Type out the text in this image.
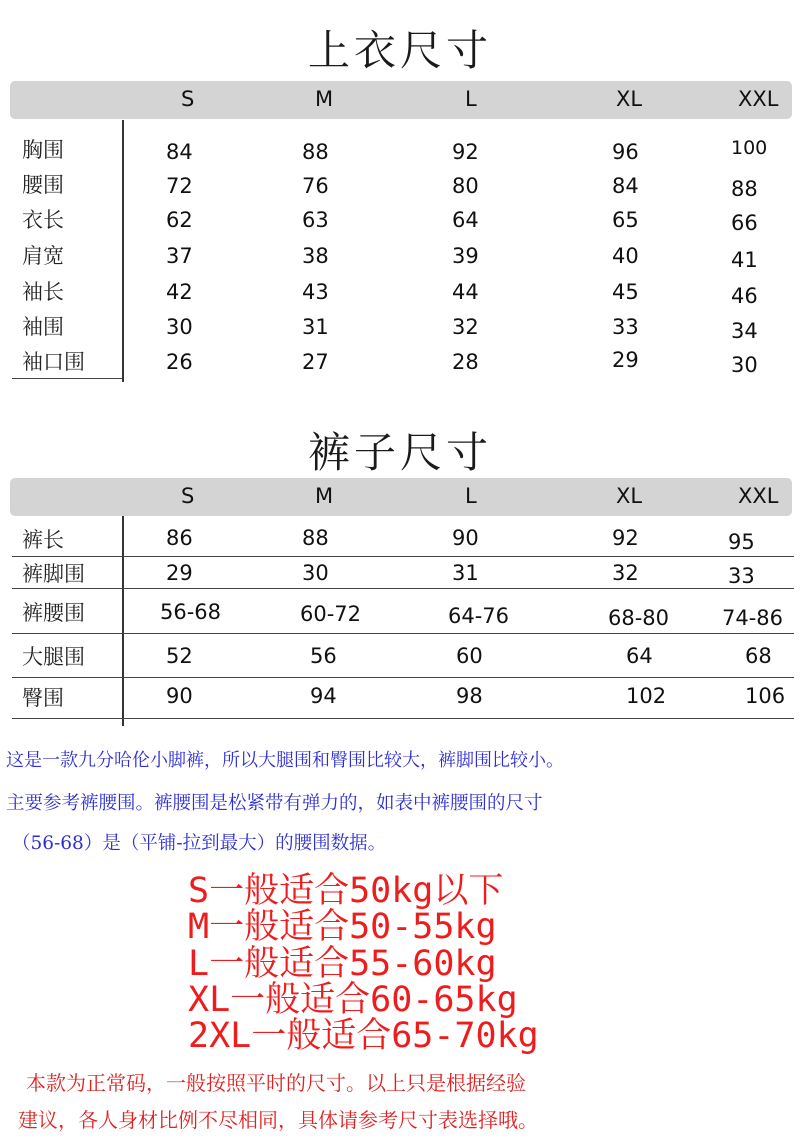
上衣尺寸
S	M	L	XL	XXL
胸围	84	88	92	96	100
腰围	72	76	80	84	88
衣长	62	63	64	65	66
肩宽	37	38	39	40	41
袖长	42	43	44	45	46
袖围	30	31	32	33	34
袖口围	26	27	28	29	30
裤子尺寸
S	M	L	XL	XXL
裤长	86	88	90	92	95
裤脚围	29	30	31	32	33
裤腰围	56-68	60-72	64-76	68-80	74-86
大腿围	52	56	60	64	68
臀围	90	94	98	102	106
这是一款九分哈伦小脚裤，所以大腿围和臀围比较大，裤脚围比较小。
主要参考裤腰围。裤腰围是松紧带有弹力的，如表中裤腰围的尺寸
（56-68）是（平铺-拉到最大）的腰围数据。
S一般适合50kg以下
M一般适合50-55kg
L一般适合55-60kg
XL一般适合60-65kg
2XL一般适合65-70kg
本款为正常码，一般按照平时的尺寸。以上只是根据经验
建议，各人身材比例不尽相同，具体请参考尺寸表选择哦。
